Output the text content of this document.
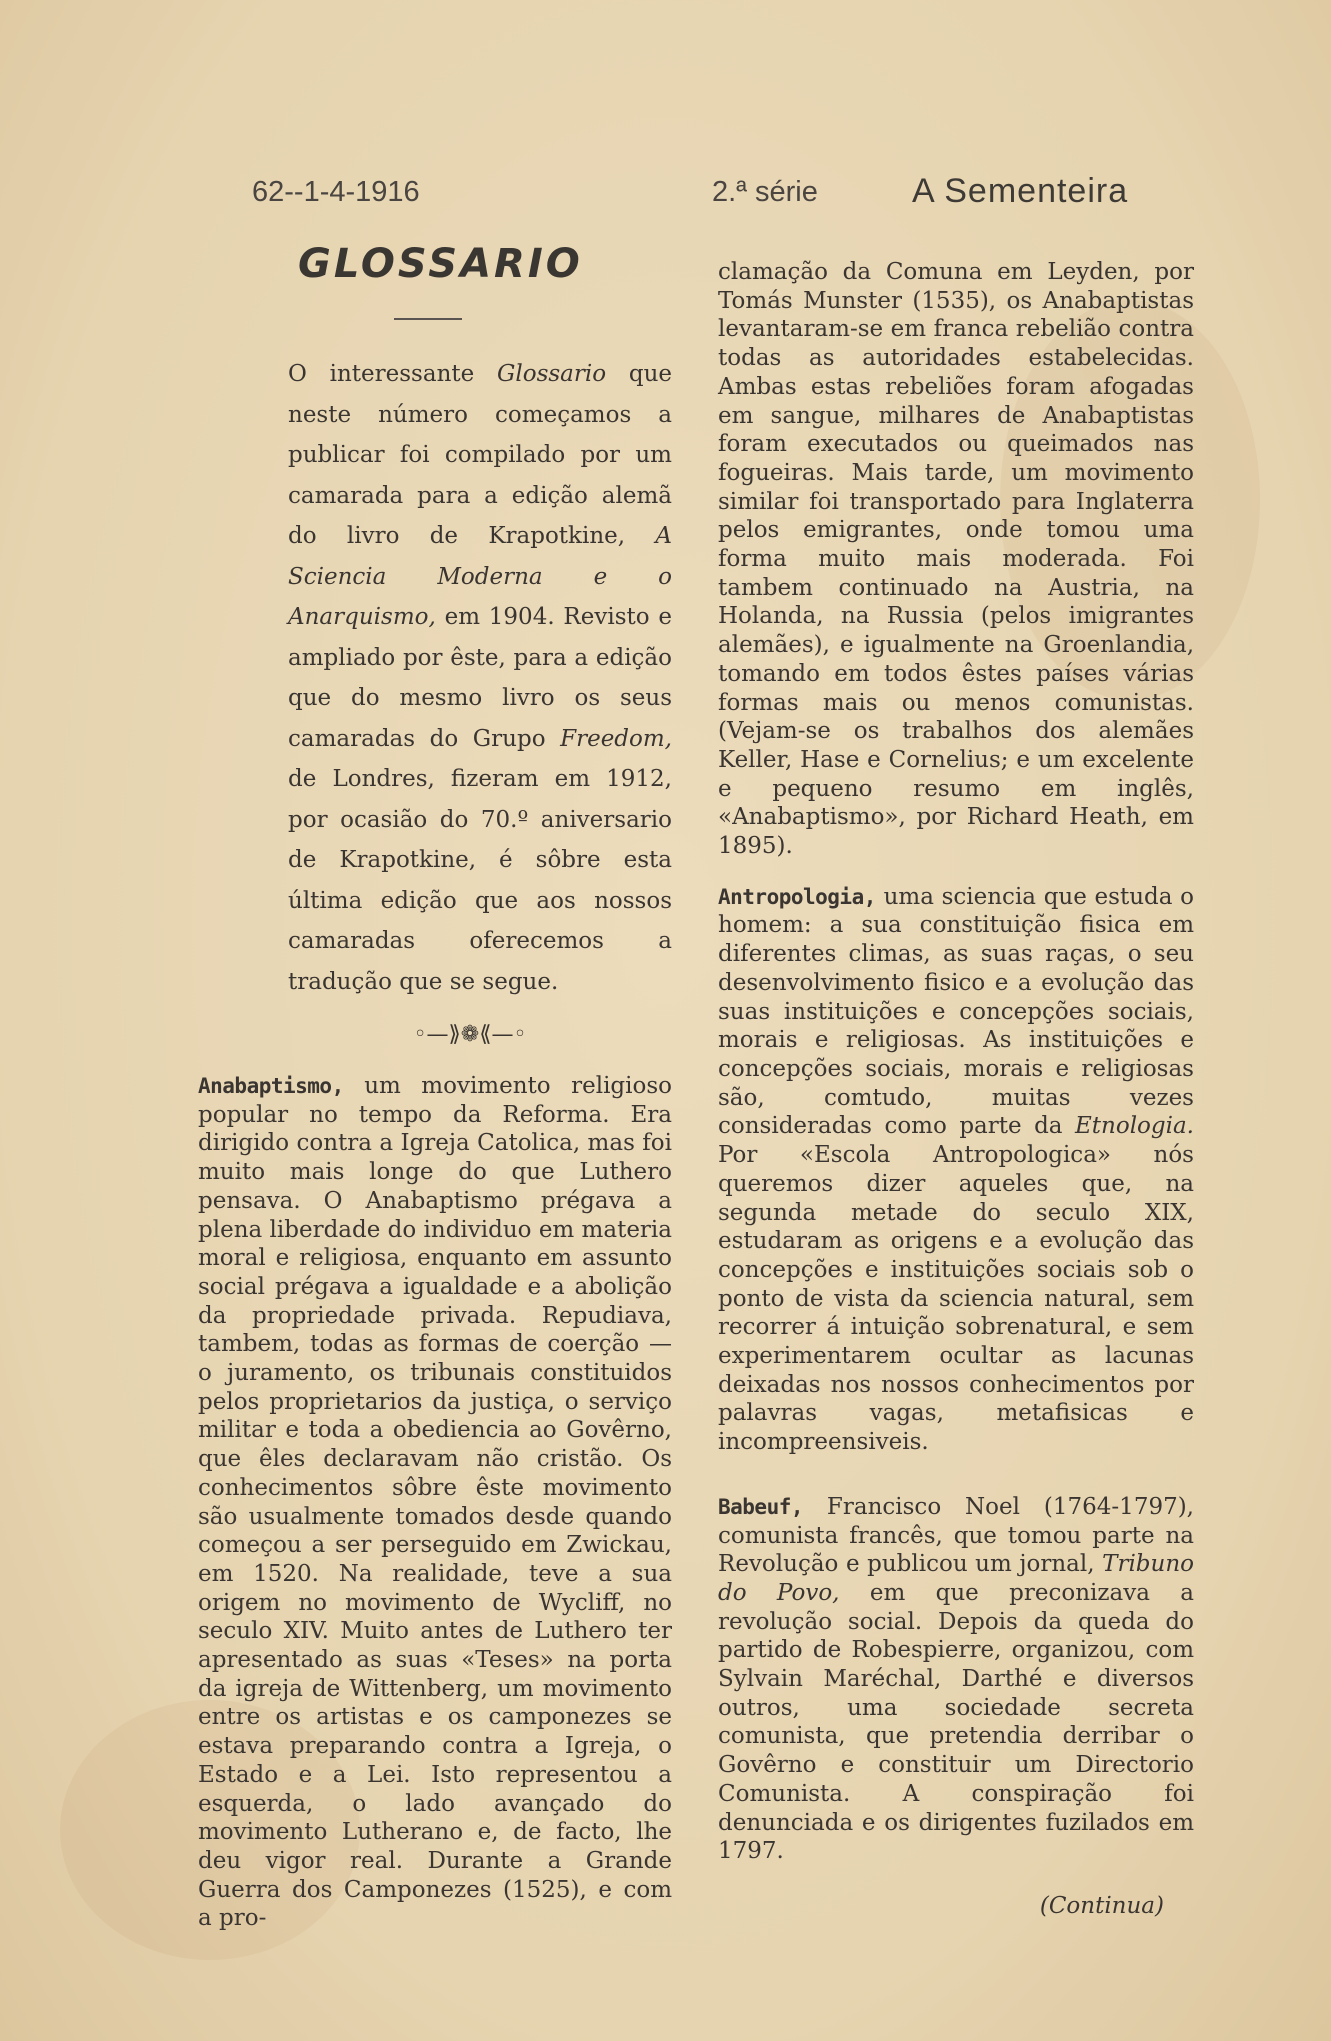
62--1-4-1916	2.ª série	A Sementeira
GLOSSARIO

O interessante Glossario que neste número começamos a publicar foi compilado por um camarada para a edição alemã do livro de Krapotkine, A Sciencia Moderna e o Anarquismo, em 1904. Revisto e ampliado por êste, para a edição que do mesmo livro os seus camaradas do Grupo Freedom, de Londres, fizeram em 1912, por ocasião do 70.º aniversario de Krapotkine, é sôbre esta última edição que aos nossos camaradas oferecemos a tradução que se segue.

◦—⟫❁⟪—◦

Anabaptismo, um movimento religioso popular no tempo da Reforma. Era dirigido contra a Igreja Catolica, mas foi muito mais longe do que Luthero pensava. O Anabaptismo prégava a plena liberdade do individuo em materia moral e religiosa, enquanto em assunto social prégava a igualdade e a abolição da propriedade privada. Repudiava, tambem, todas as formas de coerção — o juramento, os tribunais constituidos pelos proprietarios da justiça, o serviço militar e toda a obediencia ao Govêrno, que êles declaravam não cristão. Os conhecimentos sôbre êste movimento são usualmente tomados desde quando começou a ser perseguido em Zwickau, em 1520. Na realidade, teve a sua origem no movimento de Wycliff, no seculo XIV. Muito antes de Luthero ter apresentado as suas «Teses» na porta da igreja de Wittenberg, um movimento entre os artistas e os camponezes se estava preparando contra a Igreja, o Estado e a Lei. Isto representou a esquerda, o lado avançado do movimento Lutherano e, de facto, lhe deu vigor real. Durante a Grande Guerra dos Camponezes (1525), e com a pro-

clamação da Comuna em Leyden, por Tomás Munster (1535), os Anabaptistas levantaram-se em franca rebelião contra todas as autoridades estabelecidas. Ambas estas rebeliões foram afogadas em sangue, milhares de Anabaptistas foram executados ou queimados nas fogueiras. Mais tarde, um movimento similar foi transportado para Inglaterra pelos emigrantes, onde tomou uma forma muito mais moderada. Foi tambem continuado na Austria, na Holanda, na Russia (pelos imigrantes alemães), e igualmente na Groenlandia, tomando em todos êstes países várias formas mais ou menos comunistas. (Vejam-se os trabalhos dos alemães Keller, Hase e Cornelius; e um excelente e pequeno resumo em inglês, «Anabaptismo», por Richard Heath, em 1895).

Antropologia, uma sciencia que estuda o homem: a sua constituição fisica em diferentes climas, as suas raças, o seu desenvolvimento fisico e a evolução das suas instituições e concepções sociais, morais e religiosas. As instituições e concepções sociais, morais e religiosas são, comtudo, muitas vezes consideradas como parte da Etnologia. Por «Escola Antropologica» nós queremos dizer aqueles que, na segunda metade do seculo XIX, estudaram as origens e a evolução das concepções e instituições sociais sob o ponto de vista da sciencia natural, sem recorrer á intuição sobrenatural, e sem experimentarem ocultar as lacunas deixadas nos nossos conhecimentos por palavras vagas, metafisicas e incompreensiveis.

Babeuf, Francisco Noel (1764-1797), comunista francês, que tomou parte na Revolução e publicou um jornal, Tribuno do Povo, em que preconizava a revolução social. Depois da queda do partido de Robespierre, organizou, com Sylvain Maréchal, Darthé e diversos outros, uma sociedade secreta comunista, que pretendia derribar o Govêrno e constituir um Directorio Comunista. A conspiração foi denunciada e os dirigentes fuzilados em 1797.

(Continua)
